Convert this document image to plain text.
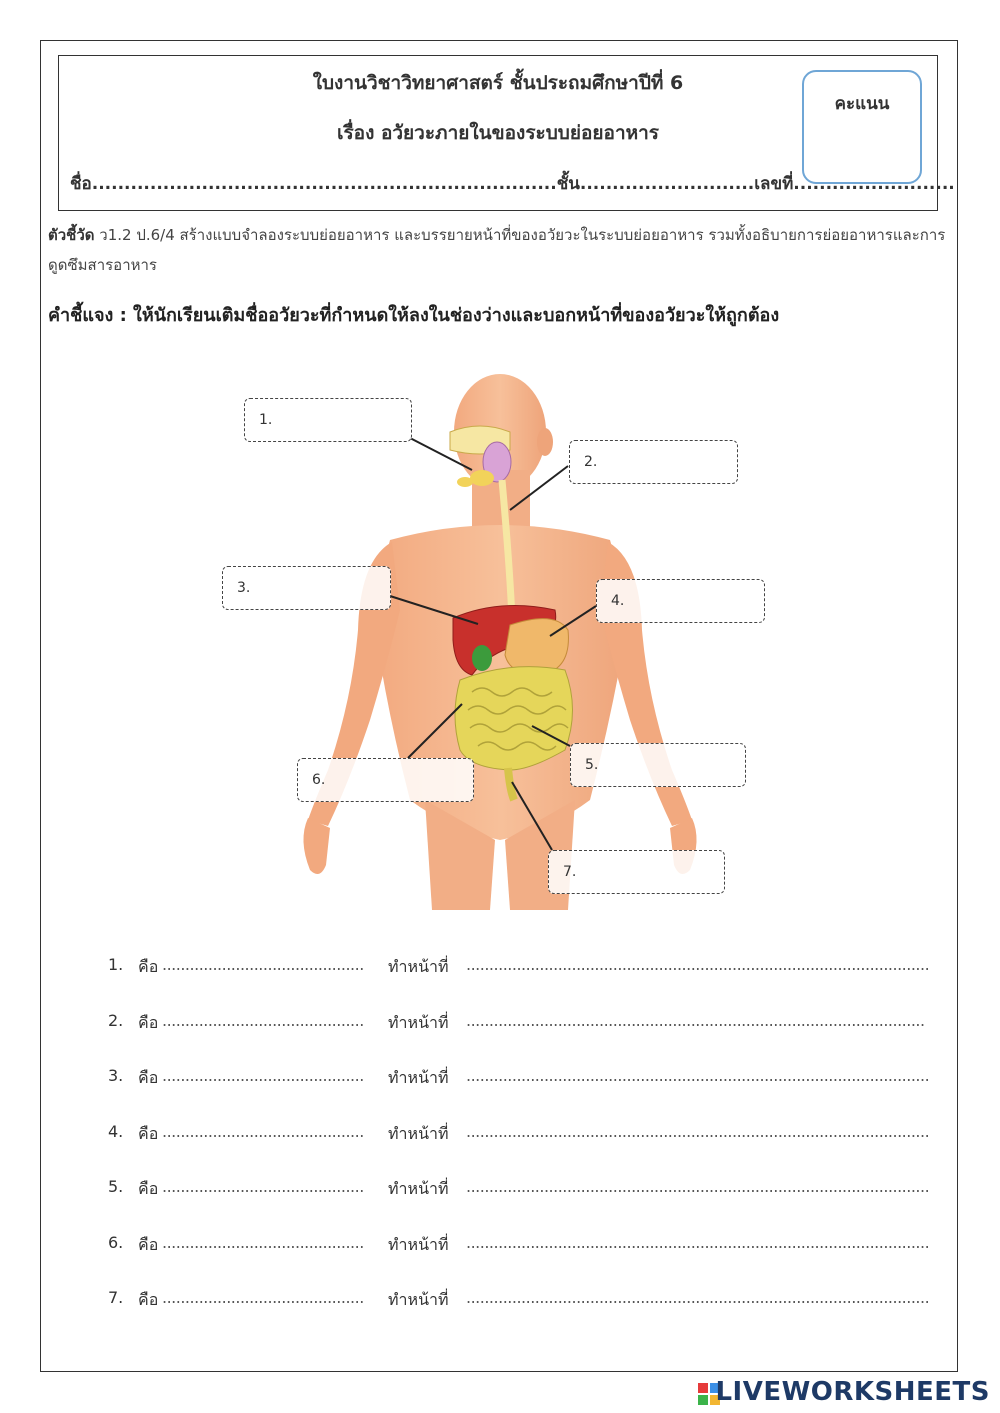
ใบงานวิชาวิทยาศาสตร์ ชั้นประถมศึกษาปีที่ 6
เรื่อง อวัยวะภายในของระบบย่อยอาหาร
ชื่อ........................................................................ชั้น...........................เลขที่.........................
คะแนน
ตัวชี้วัด ว1.2 ป.6/4 สร้างแบบจำลองระบบย่อยอาหาร และบรรยายหน้าที่ของอวัยวะในระบบย่อยอาหาร รวมทั้งอธิบายการย่อยอาหารและการดูดซึมสารอาหาร
คำชี้แจง : ให้นักเรียนเติมชื่ออวัยวะที่กำหนดให้ลงในช่องว่างและบอกหน้าที่ของอวัยวะให้ถูกต้อง
1.
2.
3.
4.
5.
6.
7.
1. คือ ............................................ ทำหน้าที่ .....................................................................................................
2. คือ ............................................ ทำหน้าที่ ....................................................................................................
3. คือ ............................................ ทำหน้าที่ .....................................................................................................
4. คือ ............................................ ทำหน้าที่ .....................................................................................................
5. คือ ............................................ ทำหน้าที่ .....................................................................................................
6. คือ ............................................ ทำหน้าที่ .....................................................................................................
7. คือ ............................................ ทำหน้าที่ .....................................................................................................
LIVEWORKSHEETS
